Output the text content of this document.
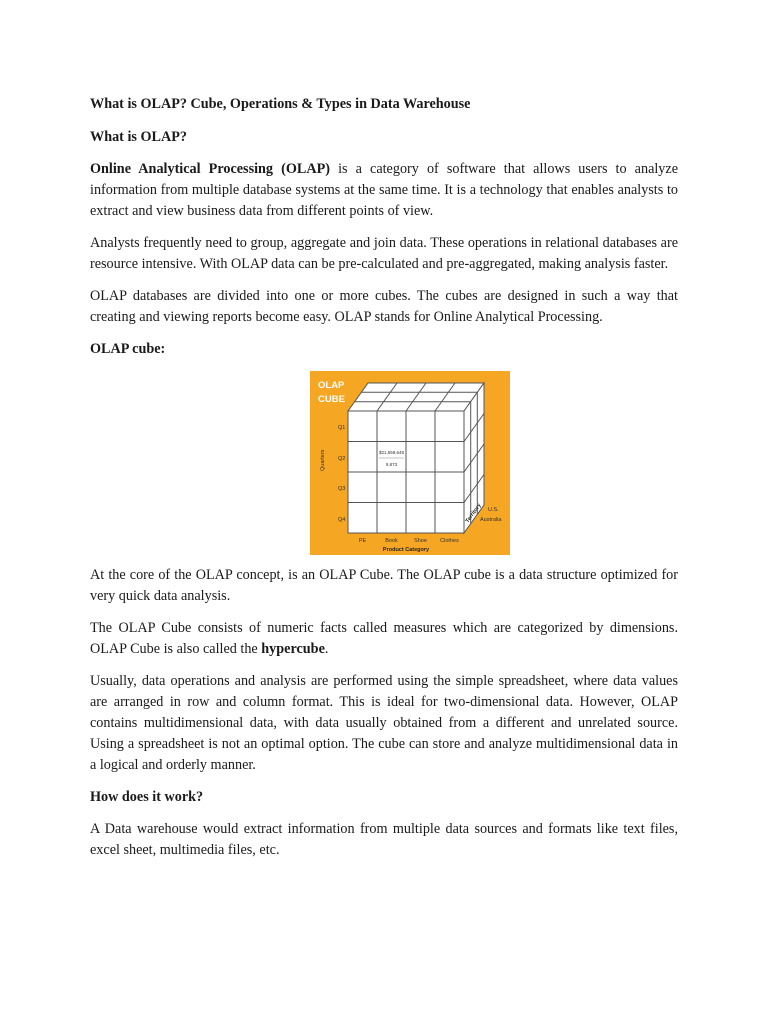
What is OLAP? Cube, Operations & Types in Data Warehouse
What is OLAP?

Online Analytical Processing (OLAP) is a category of software that allows users to analyze information from multiple database systems at the same time. It is a technology that enables analysts to extract and view business data from different points of view.

Analysts frequently need to group, aggregate and join data. These operations in relational databases are resource intensive. With OLAP data can be pre-calculated and pre-aggregated, making analysis faster.

OLAP databases are divided into one or more cubes. The cubes are designed in such a way that creating and viewing reports become easy. OLAP stands for Online Analytical Processing.

OLAP cube:
OLAP
CUBE
$21,659,648
9,873
Q1
Q2
Q3
Q4
Quarters
PE	Book	Shoe Clothes
Product Category
Territory U.S.
Australia

At the core of the OLAP concept, is an OLAP Cube. The OLAP cube is a data structure optimized for very quick data analysis.

The OLAP Cube consists of numeric facts called measures which are categorized by dimensions. OLAP Cube is also called the hypercube.

Usually, data operations and analysis are performed using the simple spreadsheet, where data values are arranged in row and column format. This is ideal for two-dimensional data. However, OLAP contains multidimensional data, with data usually obtained from a different and unrelated source. Using a spreadsheet is not an optimal option. The cube can store and analyze multidimensional data in a logical and orderly manner.

How does it work?

A Data warehouse would extract information from multiple data sources and formats like text files, excel sheet, multimedia files, etc.
